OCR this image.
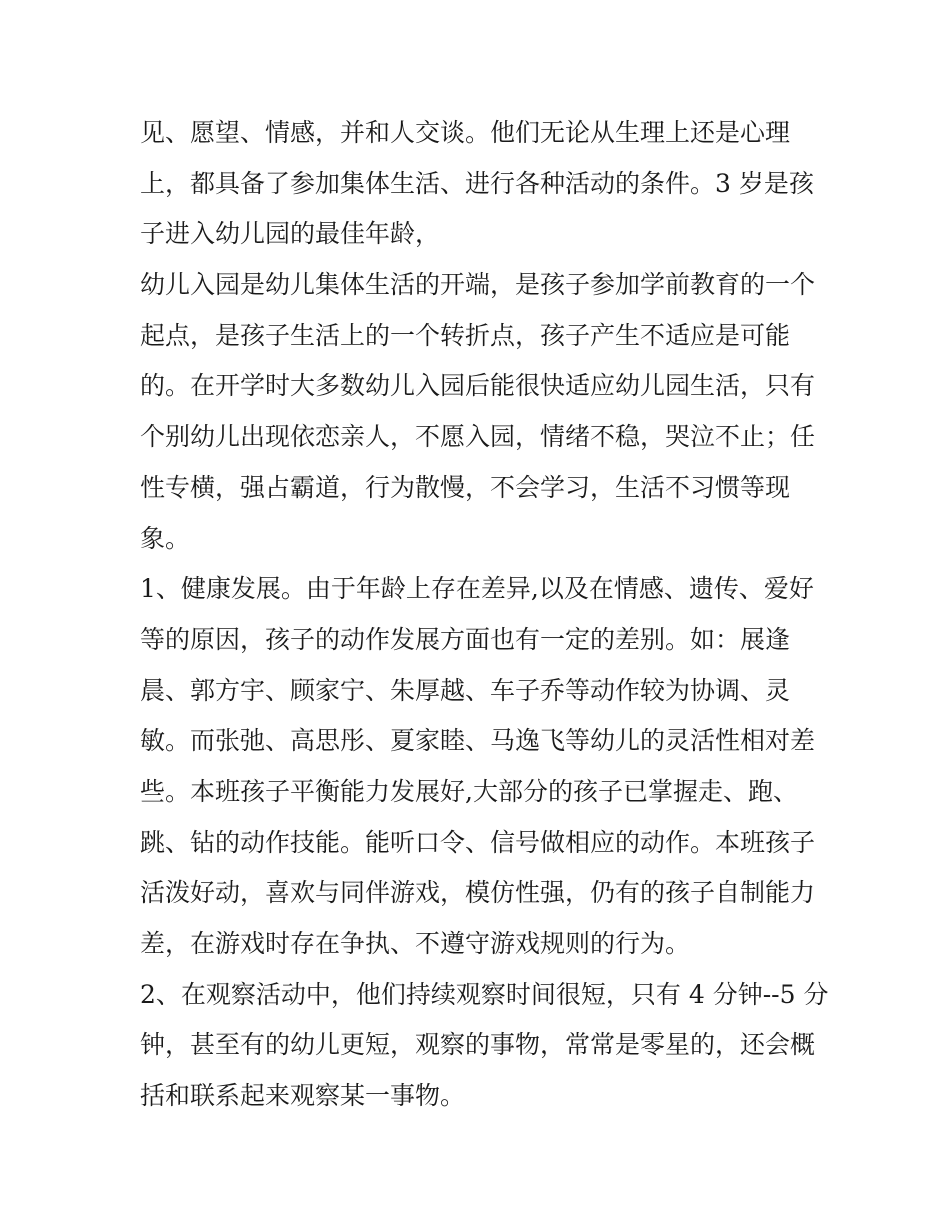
见、愿望、情感，并和人交谈。他们无论从生理上还是心理
上，都具备了参加集体生活、进行各种活动的条件。3 岁是孩
子进入幼儿园的最佳年龄，
幼儿入园是幼儿集体生活的开端，是孩子参加学前教育的一个
起点，是孩子生活上的一个转折点，孩子产生不适应是可能
的。在开学时大多数幼儿入园后能很快适应幼儿园生活，只有
个别幼儿出现依恋亲人，不愿入园，情绪不稳，哭泣不止；任
性专横，强占霸道，行为散慢，不会学习，生活不习惯等现
象。
1、健康发展。由于年龄上存在差异,以及在情感、遗传、爱好
等的原因，孩子的动作发展方面也有一定的差别。如：展逢
晨、郭方宇、顾家宁、朱厚越、车子乔等动作较为协调、灵
敏。而张弛、高思彤、夏家睦、马逸飞等幼儿的灵活性相对差
些。本班孩子平衡能力发展好,大部分的孩子已掌握走、跑、
跳、钻的动作技能。能听口令、信号做相应的动作。本班孩子
活泼好动，喜欢与同伴游戏，模仿性强，仍有的孩子自制能力
差，在游戏时存在争执、不遵守游戏规则的行为。
2、在观察活动中，他们持续观察时间很短，只有 4 分钟--5 分
钟，甚至有的幼儿更短，观察的事物，常常是零星的，还会概
括和联系起来观察某一事物。
